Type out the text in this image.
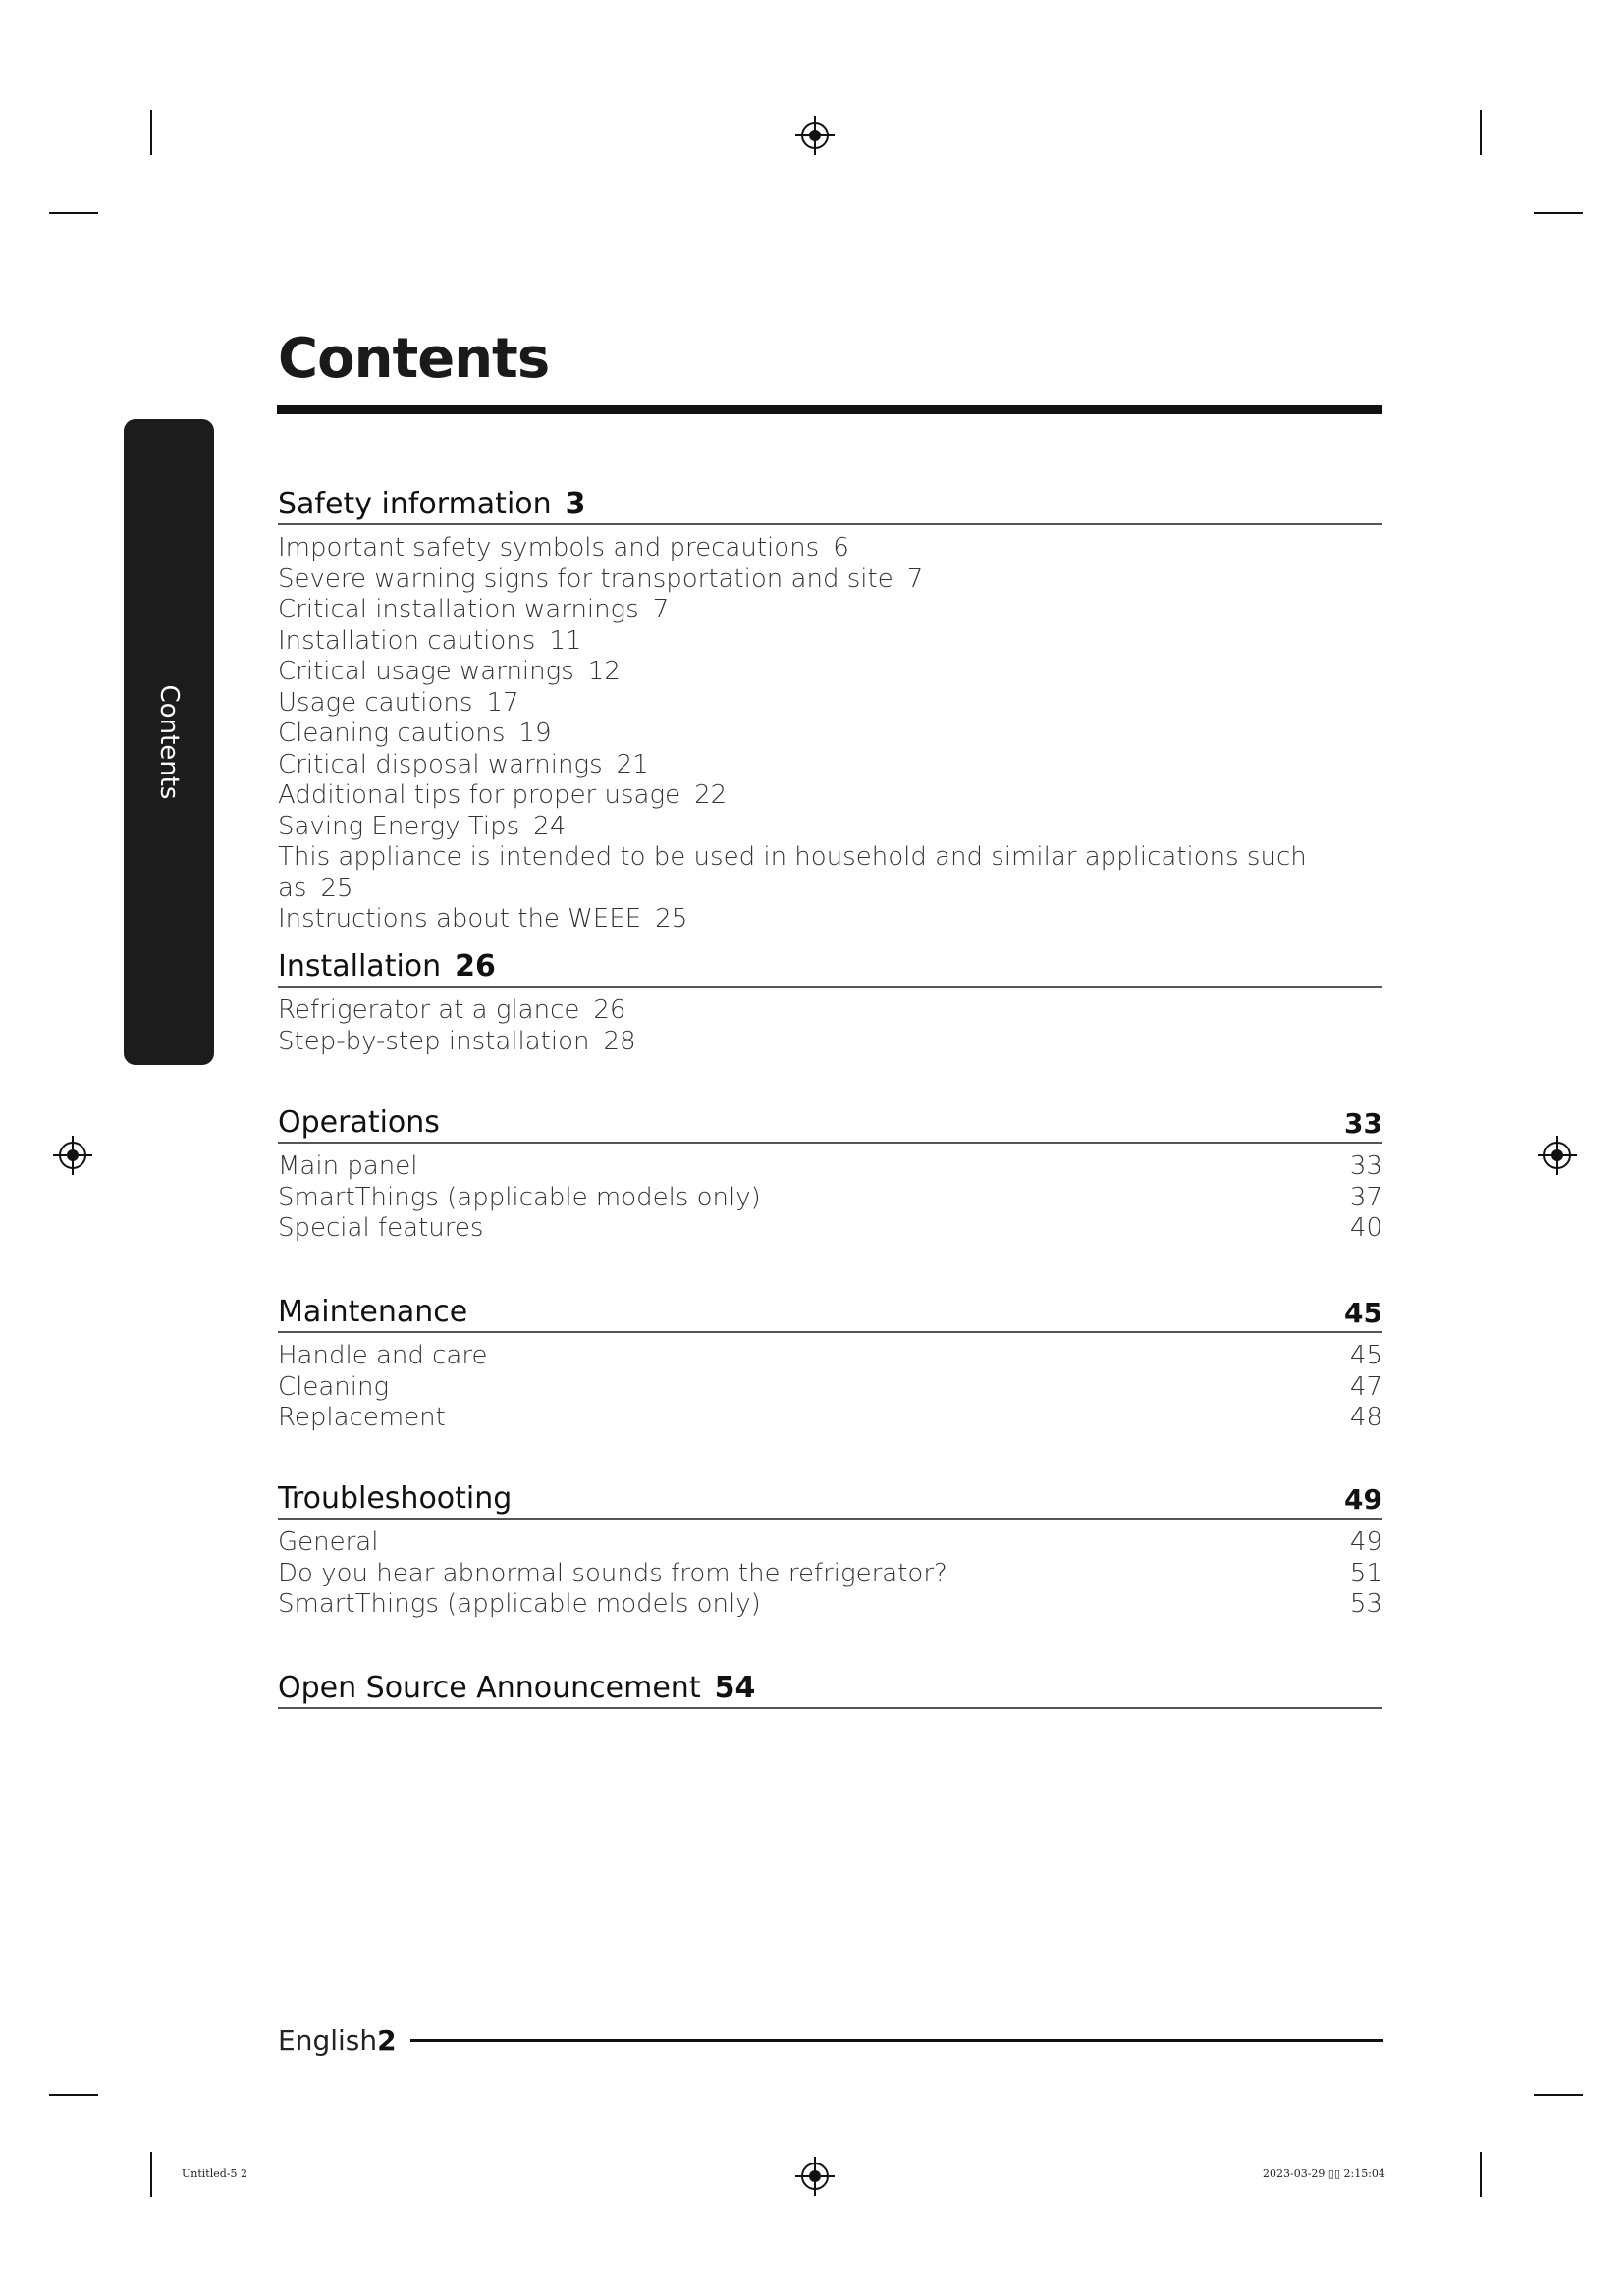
Contents
Contents
Safety information 3
Important safety symbols and precautions 6
Severe warning signs for transportation and site 7
Critical installation warnings 7
Installation cautions 11
Critical usage warnings 12
Usage cautions 17
Cleaning cautions 19
Critical disposal warnings 21
Additional tips for proper usage 22
Saving Energy Tips 24
This appliance is intended to be used in household and similar applications such as 25
Instructions about the WEEE 25
Installation 26
Refrigerator at a glance 26
Step-by-step installation 28
Operations	33
Main panel	33
SmartThings (applicable models only)	37
Special features	40
Maintenance	45
Handle and care	45
Cleaning	47
Replacement	48
Troubleshooting	49
General	49
Do you hear abnormal sounds from the refrigerator?	51
SmartThings (applicable models only)	53
Open Source Announcement 54
English 2
Untitled-5 2	2023-03-29 ▯▯ 2:15:04
